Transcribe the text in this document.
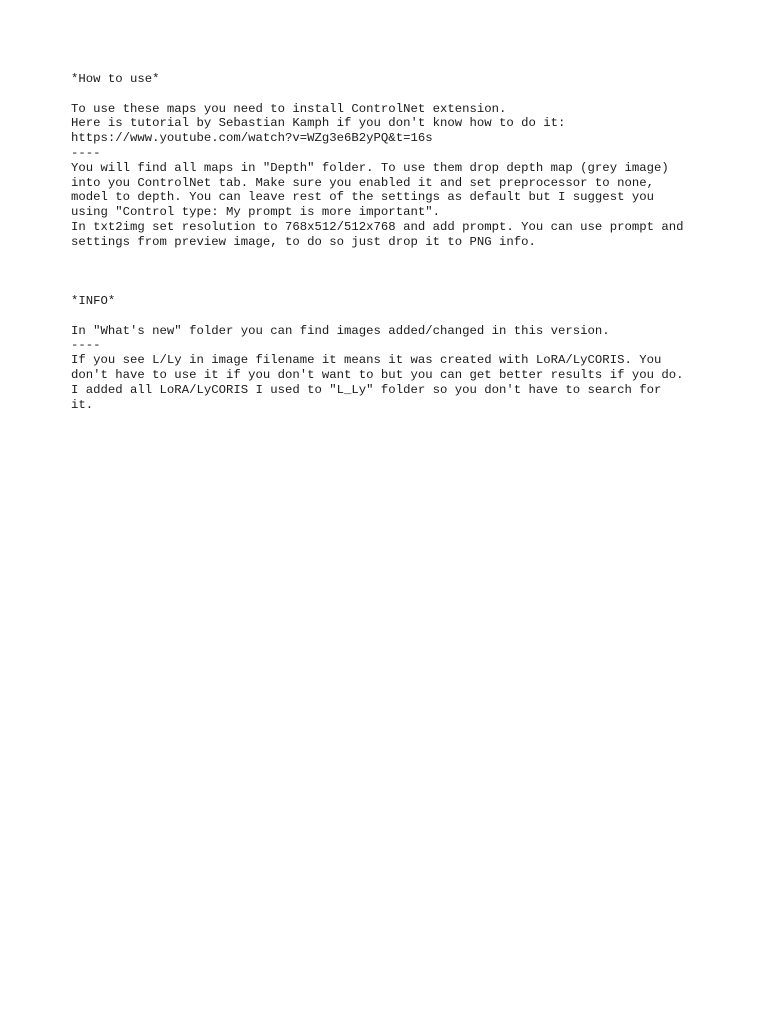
*How to use*
To use these maps you need to install ControlNet extension.
Here is tutorial by Sebastian Kamph if you don't know how to do it:
https://www.youtube.com/watch?v=WZg3e6B2yPQ&t=16s
----
You will find all maps in "Depth" folder. To use them drop depth map (grey image)
into you ControlNet tab. Make sure you enabled it and set preprocessor to none,
model to depth. You can leave rest of the settings as default but I suggest you
using "Control type: My prompt is more important".
In txt2img set resolution to 768x512/512x768 and add prompt. You can use prompt and
settings from preview image, to do so just drop it to PNG info.
*INFO*
In "What's new" folder you can find images added/changed in this version.
----
If you see L/Ly in image filename it means it was created with LoRA/LyCORIS. You
don't have to use it if you don't want to but you can get better results if you do.
I added all LoRA/LyCORIS I used to "L_Ly" folder so you don't have to search for
it.
